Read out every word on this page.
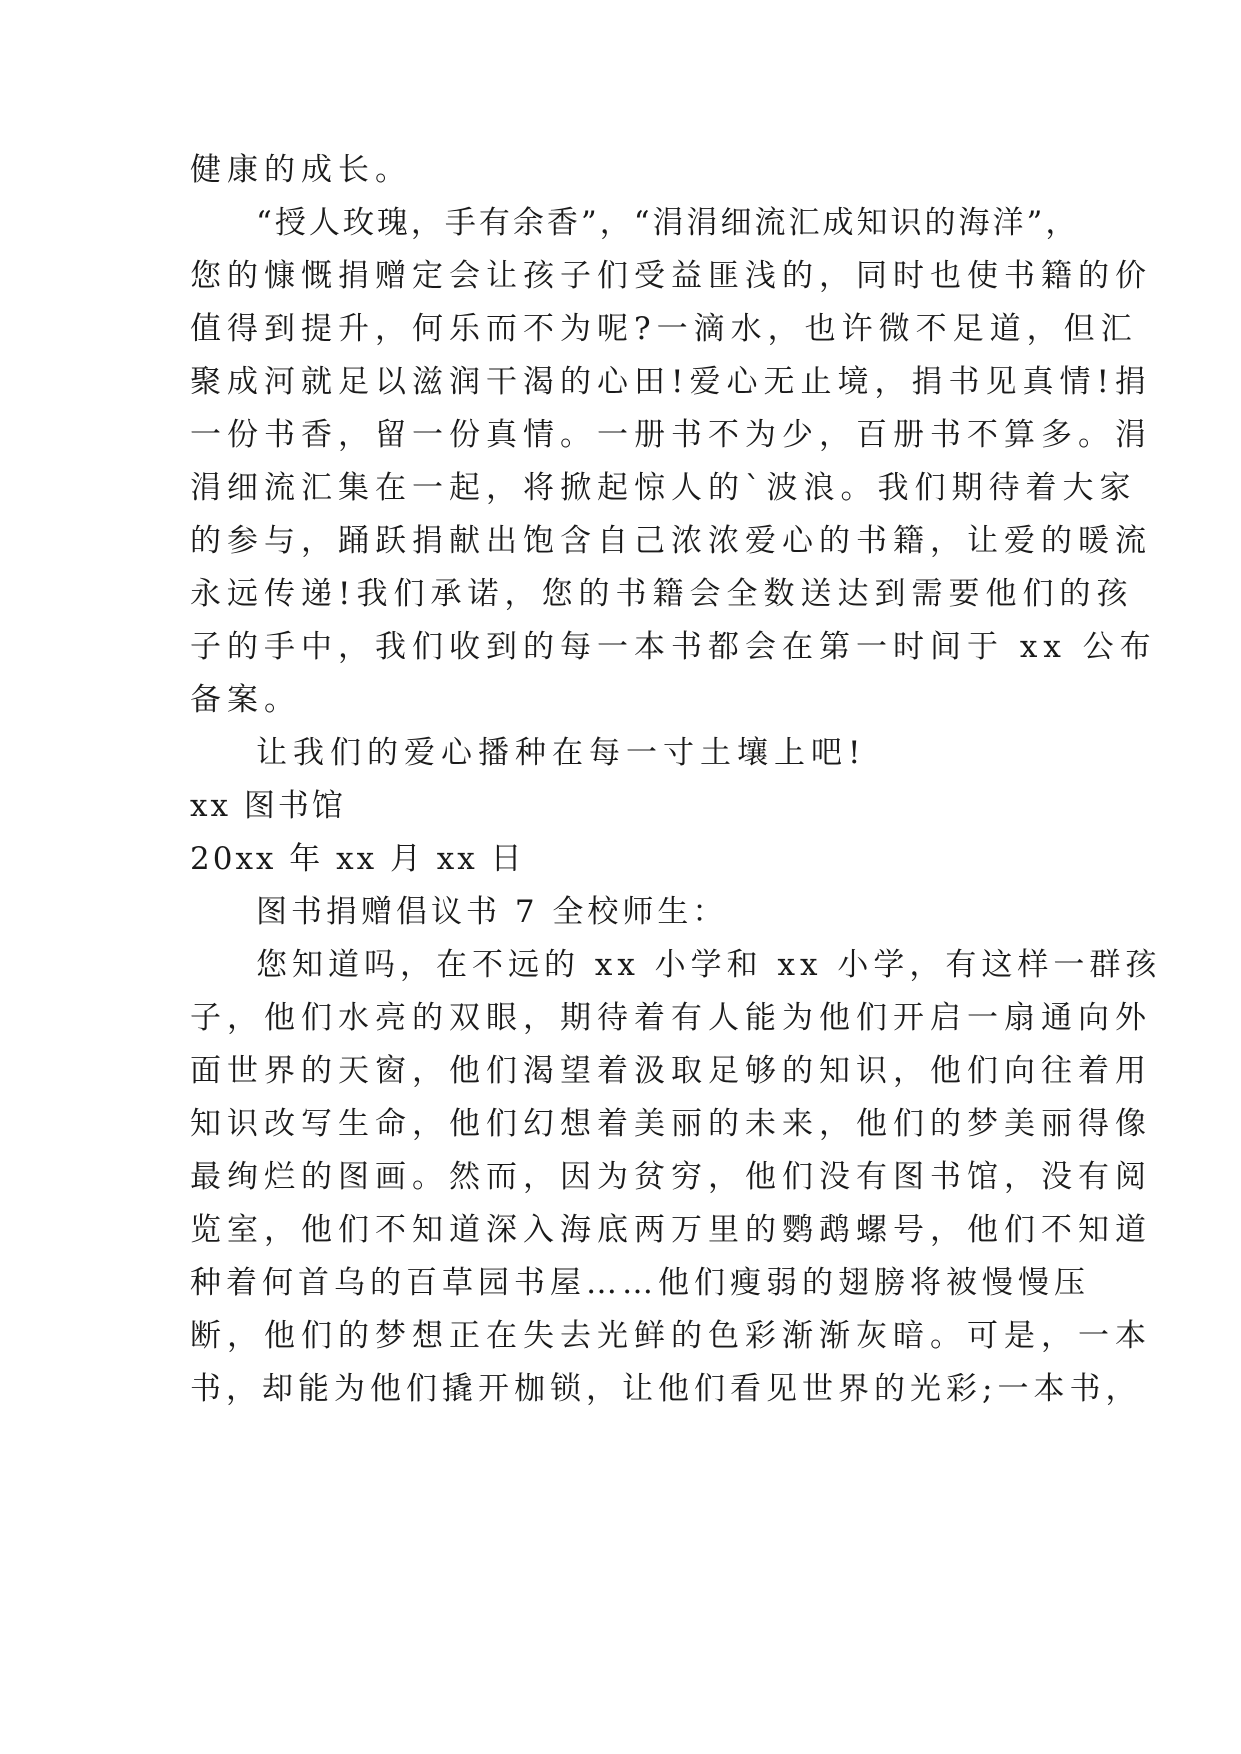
健康的成长。
“授人玫瑰，手有余香”，“涓涓细流汇成知识的海洋”，
您的慷慨捐赠定会让孩子们受益匪浅的，同时也使书籍的价
值得到提升，何乐而不为呢?一滴水，也许微不足道，但汇
聚成河就足以滋润干渴的心田!爱心无止境，捐书见真情!捐
一份书香，留一份真情。一册书不为少，百册书不算多。涓
涓细流汇集在一起，将掀起惊人的`波浪。我们期待着大家
的参与，踊跃捐献出饱含自己浓浓爱心的书籍，让爱的暖流
永远传递!我们承诺，您的书籍会全数送达到需要他们的孩
子的手中，我们收到的每一本书都会在第一时间于 xx 公布
备案。
让我们的爱心播种在每一寸土壤上吧!
xx 图书馆
20xx 年 xx 月 xx 日
图书捐赠倡议书 7 全校师生：
您知道吗，在不远的 xx 小学和 xx 小学，有这样一群孩
子，他们水亮的双眼，期待着有人能为他们开启一扇通向外
面世界的天窗，他们渴望着汲取足够的知识，他们向往着用
知识改写生命，他们幻想着美丽的未来，他们的梦美丽得像
最绚烂的图画。然而，因为贫穷，他们没有图书馆，没有阅
览室，他们不知道深入海底两万里的鹦鹉螺号，他们不知道
种着何首乌的百草园书屋……他们瘦弱的翅膀将被慢慢压
断，他们的梦想正在失去光鲜的色彩渐渐灰暗。可是，一本
书，却能为他们撬开枷锁，让他们看见世界的光彩;一本书，
